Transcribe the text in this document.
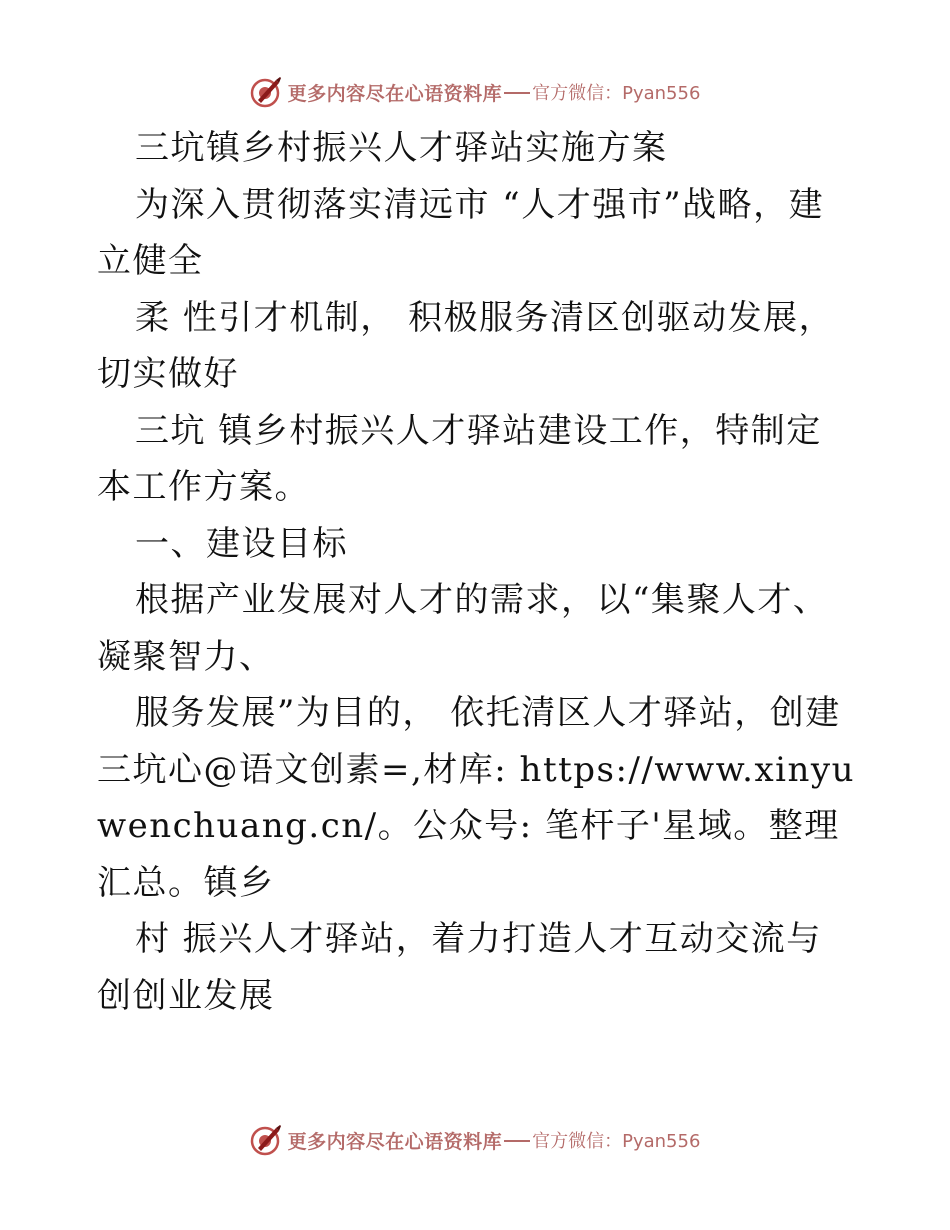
更多内容尽在心语资料库 官方微信：Pyan556

三坑镇乡村振兴人才驿站实施方案

为深入贯彻落实清远市 “人才强市”战略，建立健全

柔 性引才机制， 积极服务清区创驱动发展，切实做好

三坑 镇乡村振兴人才驿站建设工作，特制定本工作方案。

一、建设目标

根据产业发展对人才的需求，以“集聚人才、凝聚智力、

服务发展”为目的， 依托清区人才驿站，创建三坑心@语文创素=,材库: https://www.xinyuwenchuang.cn/。公众号: 笔杆子'星域。整理汇总。镇乡

村 振兴人才驿站，着力打造人才互动交流与创创业发展

更多内容尽在心语资料库 官方微信：Pyan556
